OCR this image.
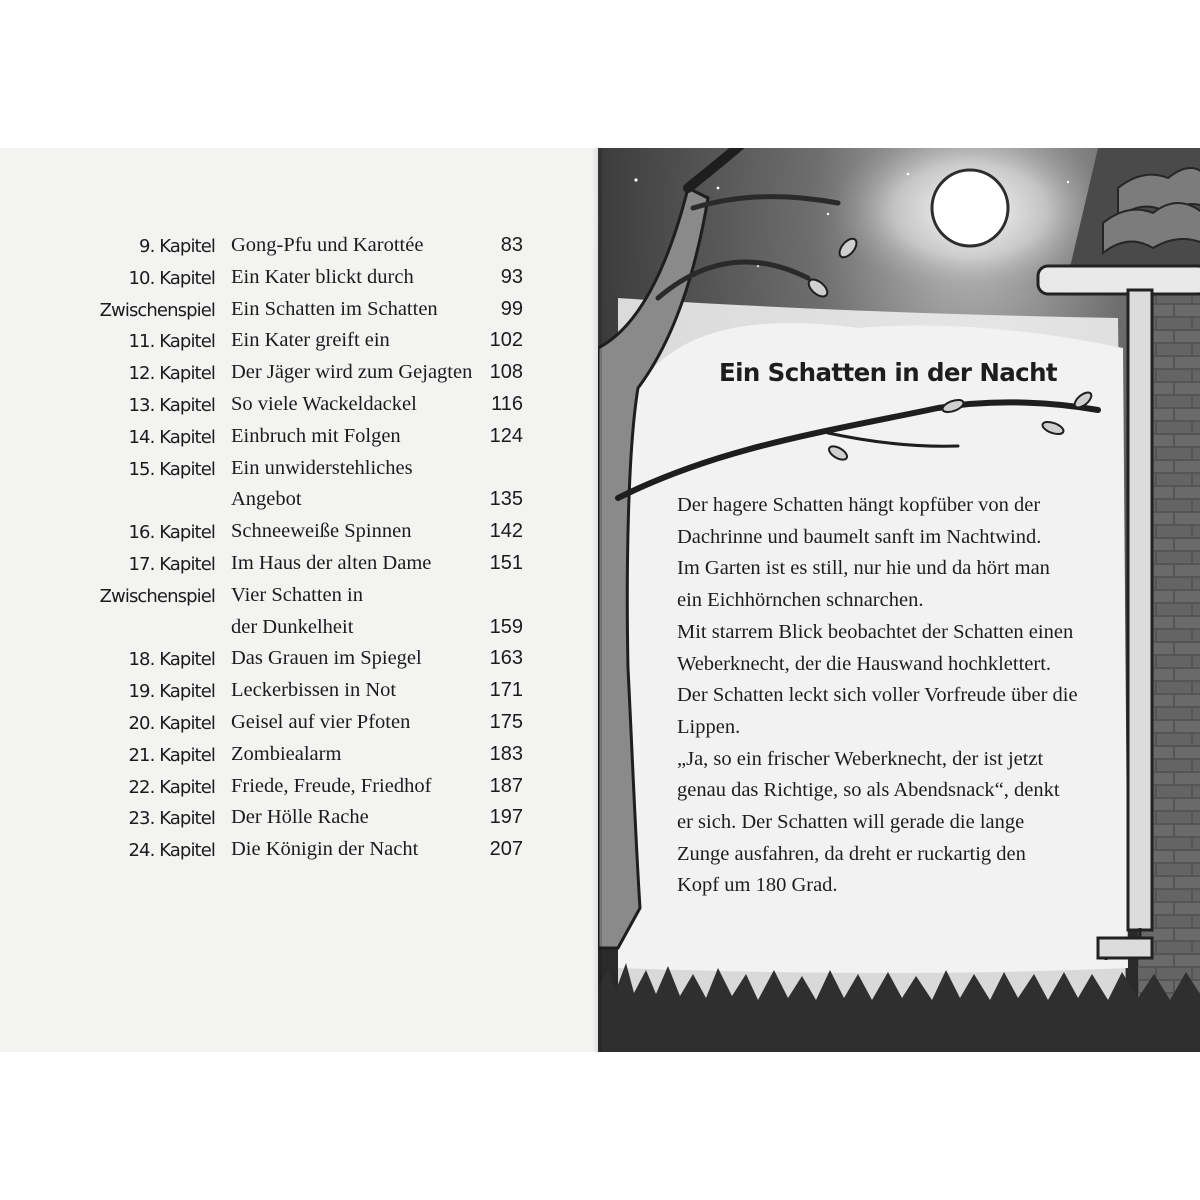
9. Kapitel Gong-Pfu und Karottée	83
10. Kapitel Ein Kater blickt durch	93
Zwischenspiel Ein Schatten im Schatten	99
11. Kapitel Ein Kater greift ein	102
12. Kapitel Der Jäger wird zum Gejagten 108
13. Kapitel So viele Wackeldackel	116
14. Kapitel Einbruch mit Folgen	124
15. Kapitel Ein unwiderstehliches
Angebot	135
16. Kapitel Schneeweiße Spinnen	142
17. Kapitel Im Haus der alten Dame	151
Zwischenspiel Vier Schatten in
der Dunkelheit	159
18. Kapitel Das Grauen im Spiegel	163
19. Kapitel Leckerbissen in Not	171
20. Kapitel Geisel auf vier Pfoten	175
21. Kapitel Zombiealarm	183
22. Kapitel Friede, Freude, Friedhof	187
23. Kapitel Der Hölle Rache	197
24. Kapitel Die Königin der Nacht	207
Ein Schatten in der Nacht
Der hagere Schatten hängt kopfüber von der
Dachrinne und baumelt sanft im Nachtwind.
Im Garten ist es still, nur hie und da hört man
ein Eichhörnchen schnarchen.
Mit starrem Blick beobachtet der Schatten einen
Weberknecht, der die Hauswand hochklettert.
Der Schatten leckt sich voller Vorfreude über die
Lippen.
„Ja, so ein frischer Weberknecht, der ist jetzt
genau das Richtige, so als Abendsnack“, denkt
er sich. Der Schatten will gerade die lange
Zunge ausfahren, da dreht er ruckartig den
Kopf um 180 Grad.
